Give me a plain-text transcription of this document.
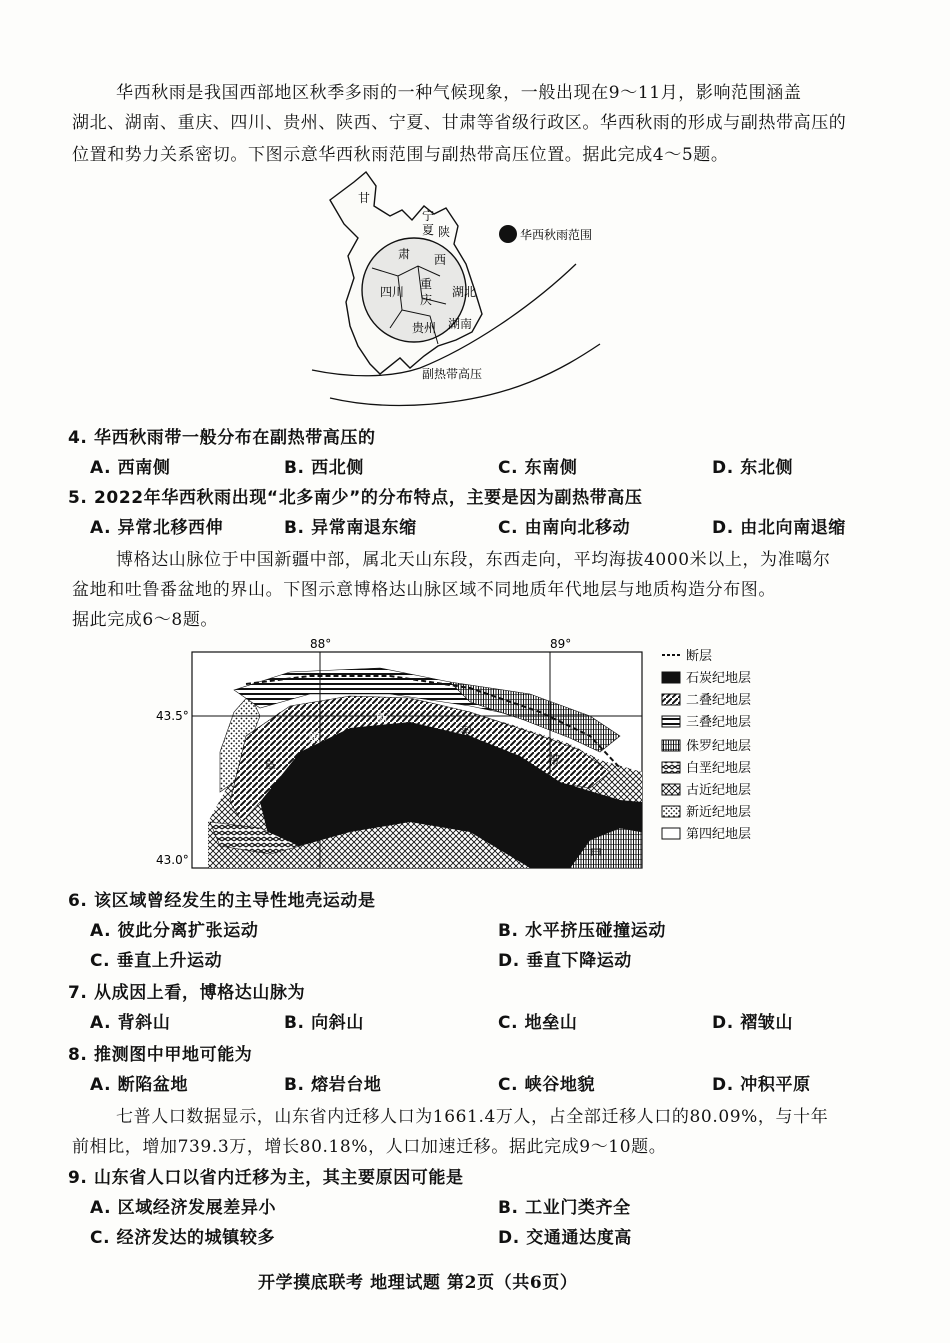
华西秋雨是我国西部地区秋季多雨的一种气候现象，一般出现在9～11月，影响范围涵盖
湖北、湖南、重庆、四川、贵州、陕西、宁夏、甘肃等省级行政区。华西秋雨的形成与副热带高压的
位置和势力关系密切。下图示意华西秋雨范围与副热带高压位置。据此完成4～5题。
华西秋雨范围
副热带高压
甘
宁
夏 陕
肃 西
四川
重
庆
湖北
贵州 湖南
4. 华西秋雨带一般分布在副热带高压的
A. 西南侧	B. 西北侧	C. 东南侧	D. 东北侧
5. 2022年华西秋雨出现“北多南少”的分布特点，主要是因为副热带高压
A. 异常北移西伸	B. 异常南退东缩	C. 由南向北移动	D. 由北向南退缩
博格达山脉位于中国新疆中部，属北天山东段，东西走向，平均海拔4000米以上，为准噶尔
盆地和吐鲁番盆地的界山。下图示意博格达山脉区域不同地质年代地层与地质构造分布图。
据此完成6～8题。
88°	89°
43.5°
43.0°
断
裂
带
康
阜
甲
断层
石炭纪地层
二叠纪地层
三叠纪地层
侏罗纪地层
白垩纪地层
古近纪地层
新近纪地层
第四纪地层
6. 该区域曾经发生的主导性地壳运动是
A. 彼此分离扩张运动	B. 水平挤压碰撞运动
C. 垂直上升运动	D. 垂直下降运动
7. 从成因上看，博格达山脉为
A. 背斜山	B. 向斜山	C. 地垒山	D. 褶皱山
8. 推测图中甲地可能为
A. 断陷盆地	B. 熔岩台地	C. 峡谷地貌	D. 冲积平原
七普人口数据显示，山东省内迁移人口为1661.4万人，占全部迁移人口的80.09%，与十年
前相比，增加739.3万，增长80.18%，人口加速迁移。据此完成9～10题。
9. 山东省人口以省内迁移为主，其主要原因可能是
A. 区域经济发展差异小	B. 工业门类齐全
C. 经济发达的城镇较多	D. 交通通达度高
开学摸底联考 地理试题 第2页（共6页）
